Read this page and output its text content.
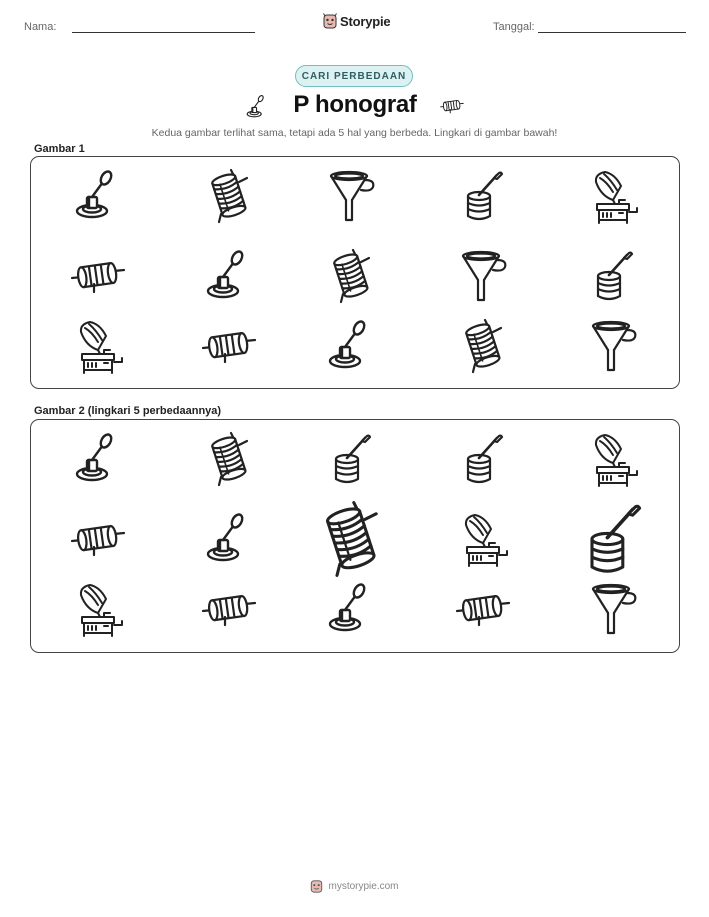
Nama:	Storypie	Tanggal:
CARI PERBEDAAN
P honograf
Kedua gambar terlihat sama, tetapi ada 5 hal yang berbeda. Lingkari di gambar bawah!
Gambar 1
Gambar 2 (lingkari 5 perbedaannya)
mystorypie.com
